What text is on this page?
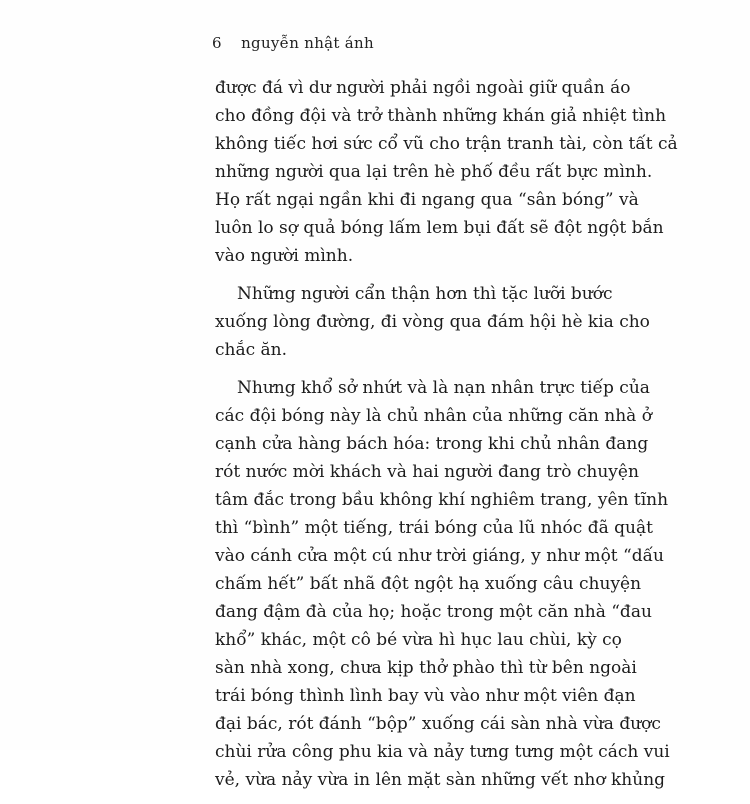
6 nguyễn nhật ánh
được đá vì dư người phải ngồi ngoài giữ quần áo
cho đồng đội và trở thành những khán giả nhiệt tình
không tiếc hơi sức cổ vũ cho trận tranh tài, còn tất cả
những người qua lại trên hè phố đều rất bực mình.
Họ rất ngại ngần khi đi ngang qua “sân bóng” và
luôn lo sợ quả bóng lấm lem bụi đất sẽ đột ngột bắn
vào người mình.
Những người cẩn thận hơn thì tặc lưỡi bước
xuống lòng đường, đi vòng qua đám hội hè kia cho
chắc ăn.
Nhưng khổ sở nhứt và là nạn nhân trực tiếp của
các đội bóng này là chủ nhân của những căn nhà ở
cạnh cửa hàng bách hóa: trong khi chủ nhân đang
rót nước mời khách và hai người đang trò chuyện
tâm đắc trong bầu không khí nghiêm trang, yên tĩnh
thì “bình” một tiếng, trái bóng của lũ nhóc đã quật
vào cánh cửa một cú như trời giáng, y như một “dấu
chấm hết” bất nhã đột ngột hạ xuống câu chuyện
đang đậm đà của họ; hoặc trong một căn nhà “đau
khổ” khác, một cô bé vừa hì hục lau chùi, kỳ cọ
sàn nhà xong, chưa kịp thở phào thì từ bên ngoài
trái bóng thình lình bay vù vào như một viên đạn
đại bác, rót đánh “bộp” xuống cái sàn nhà vừa được
chùi rửa công phu kia và nảy tưng tưng một cách vui
vẻ, vừa nảy vừa in lên mặt sàn những vết nhơ khủng
